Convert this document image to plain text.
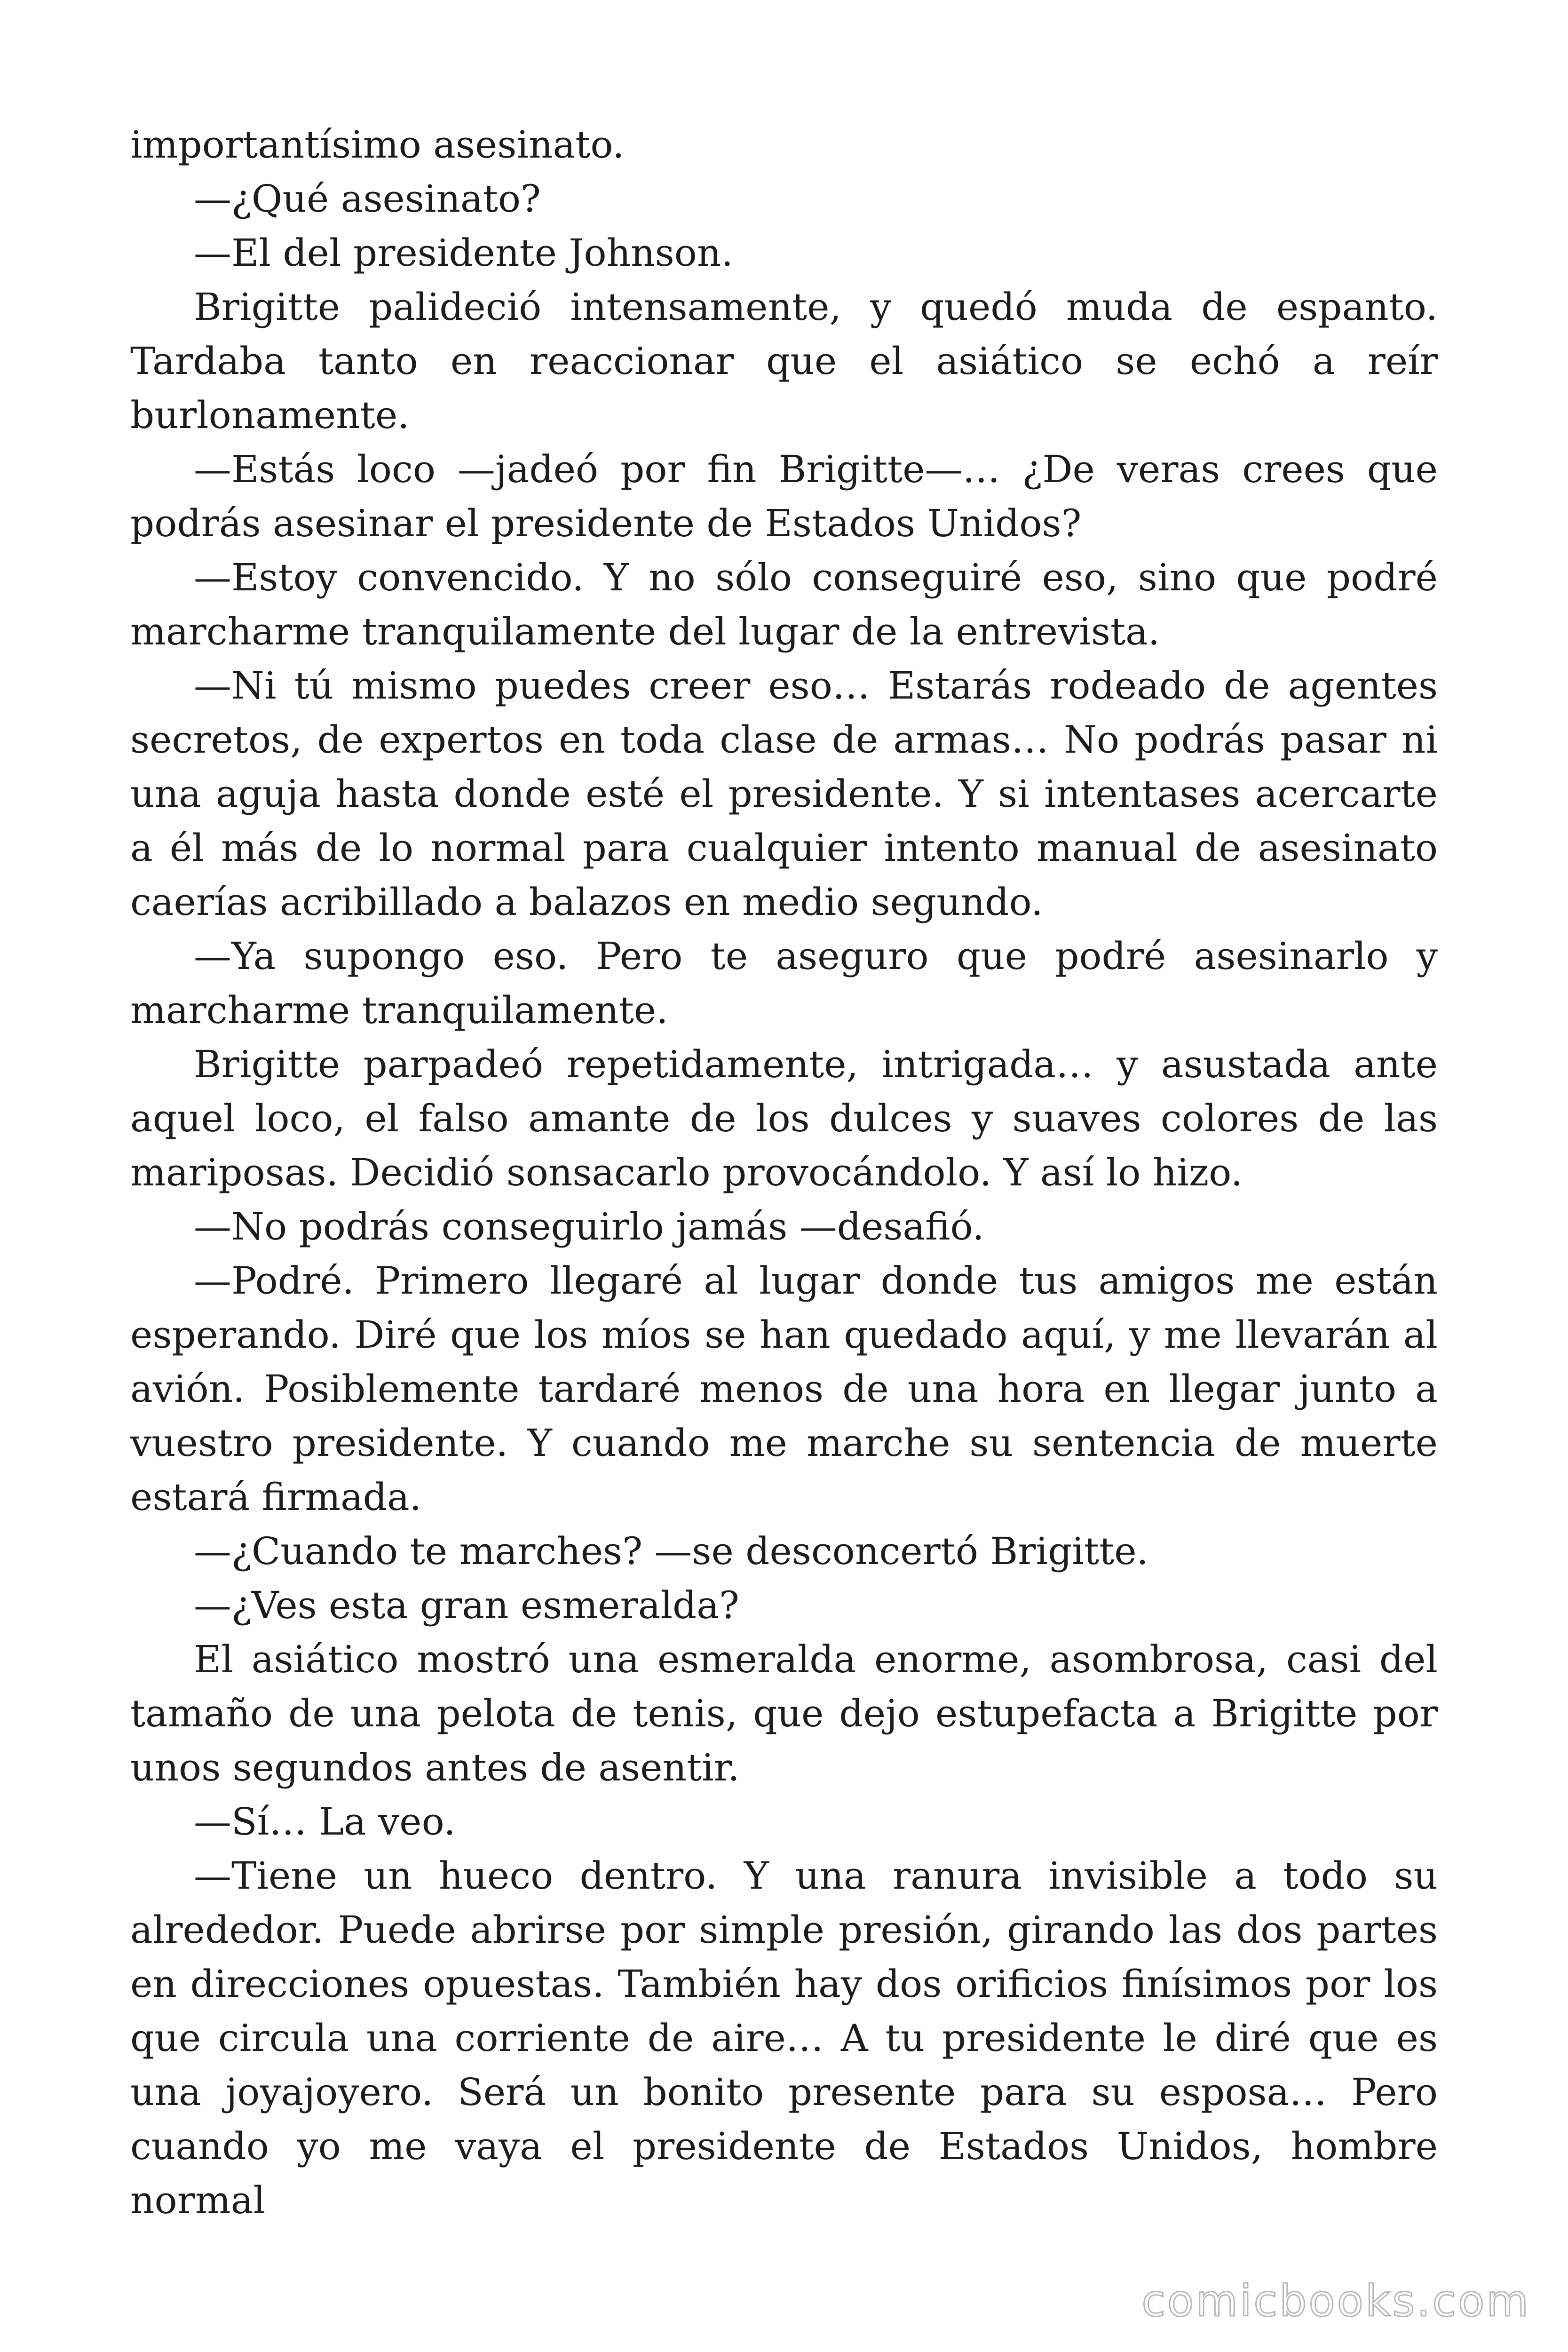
importantísimo asesinato.

—¿Qué asesinato?

—El del presidente Johnson.

Brigitte palideció intensamente, y quedó muda de espanto. Tardaba tanto en reaccionar que el asiático se echó a reír burlonamente.

—Estás loco —jadeó por fin Brigitte—… ¿De veras crees que podrás asesinar el presidente de Estados Unidos?

—Estoy convencido. Y no sólo conseguiré eso, sino que podré marcharme tranquilamente del lugar de la entrevista.

—Ni tú mismo puedes creer eso… Estarás rodeado de agentes secretos, de expertos en toda clase de armas… No podrás pasar ni una aguja hasta donde esté el presidente. Y si intentases acercarte a él más de lo normal para cualquier intento manual de asesinato caerías acribillado a balazos en medio segundo.

—Ya supongo eso. Pero te aseguro que podré asesinarlo y marcharme tranquilamente.

Brigitte parpadeó repetidamente, intrigada… y asustada ante aquel loco, el falso amante de los dulces y suaves colores de las mariposas. Decidió sonsacarlo provocándolo. Y así lo hizo.

—No podrás conseguirlo jamás —desafió.

—Podré. Primero llegaré al lugar donde tus amigos me están esperando. Diré que los míos se han quedado aquí, y me llevarán al avión. Posiblemente tardaré menos de una hora en llegar junto a vuestro presidente. Y cuando me marche su sentencia de muerte estará firmada.

—¿Cuando te marches? —se desconcertó Brigitte.

—¿Ves esta gran esmeralda?

El asiático mostró una esmeralda enorme, asombrosa, casi del tamaño de una pelota de tenis, que dejo estupefacta a Brigitte por unos segundos antes de asentir.

—Sí… La veo.

—Tiene un hueco dentro. Y una ranura invisible a todo su alrededor. Puede abrirse por simple presión, girando las dos partes en direcciones opuestas. También hay dos orificios finísimos por los que circula una corriente de aire… A tu presidente le diré que es una joyajoyero. Será un bonito presente para su esposa… Pero cuando yo me vaya el presidente de Estados Unidos, hombre normal

comicbooks.com
